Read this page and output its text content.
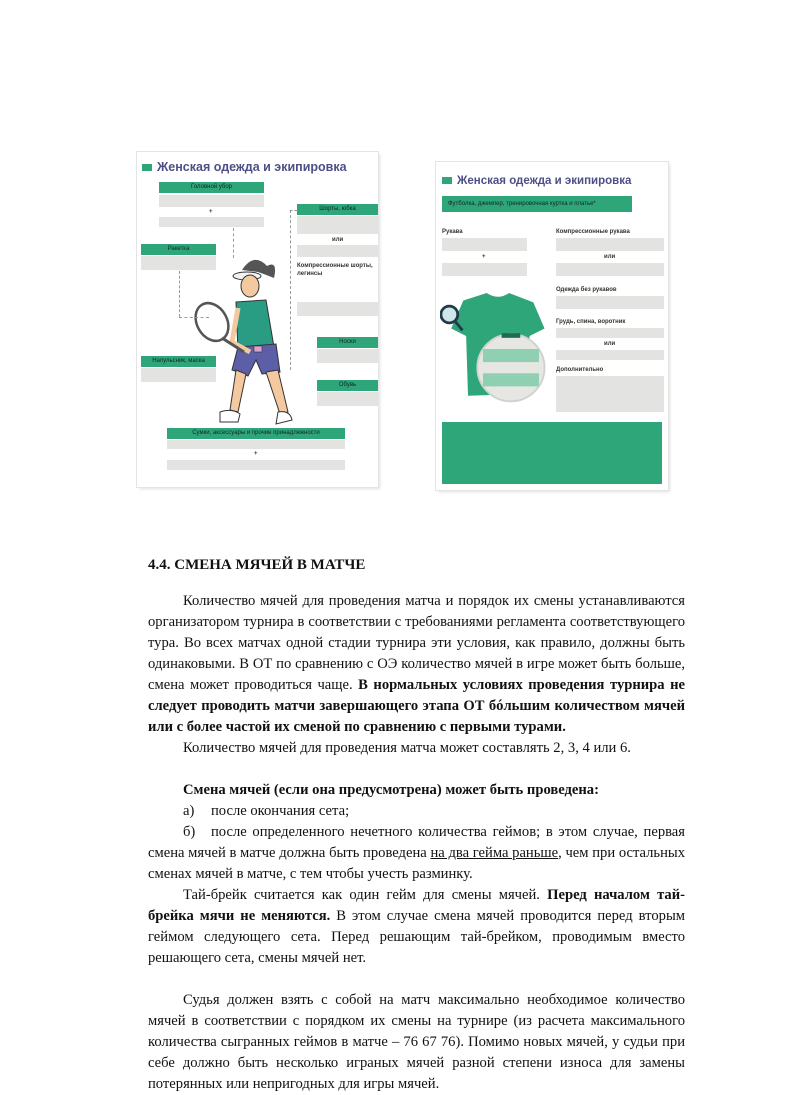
Женская одежда и экипировка
Головной убор
+
Ракетка
Шорты, юбка
или
Компрессионные шорты, легинсы
Носки
Обувь
Напульсник, маска
Сумки, аксессуары и прочие принадлежности
+
Женская одежда и экипировка
Футболка, джемпер, тренировочная куртка и платье*
Рукава
+
Компрессионные рукава
или
Одежда без рукавов
Грудь, спина, воротник
или
Дополнительно
4.4. СМЕНА МЯЧЕЙ В МАТЧЕ

Количество мячей для проведения матча и порядок их смены устанавливаются организатором турнира в соответствии с требованиями регламента соответствующего тура. Во всех матчах одной стадии турнира эти условия, как правило, должны быть одинаковыми. В ОТ по сравнению с ОЭ количество мячей в игре может быть больше, смена может проводиться чаще. В нормальных условиях проведения турнира не следует проводить матчи завершающего этапа ОТ бóльшим количеством мячей или с более частой их сменой по сравнению с первыми турами.

Количество мячей для проведения матча может составлять 2, 3, 4 или 6.

Смена мячей (если она предусмотрена) может быть проведена:

а) после окончания сета;

б) после определенного нечетного количества геймов; в этом случае, первая смена мячей в матче должна быть проведена на два гейма раньше, чем при остальных сменах мячей в матче, с тем чтобы учесть разминку.

Тай-брейк считается как один гейм для смены мячей. Перед началом тай-брейка мячи не меняются. В этом случае смена мячей проводится перед вторым геймом следующего сета. Перед решающим тай-брейком, проводимым вместо решающего сета, смены мячей нет.

Судья должен взять с собой на матч максимально необходимое количество мячей в соответствии с порядком их смены на турнире (из расчета максимального количества сыгранных геймов в матче – 76 67 76). Помимо новых мячей, у судьи при себе должно быть несколько играных мячей разной степени износа для замены потерянных или непригодных для игры мячей.
